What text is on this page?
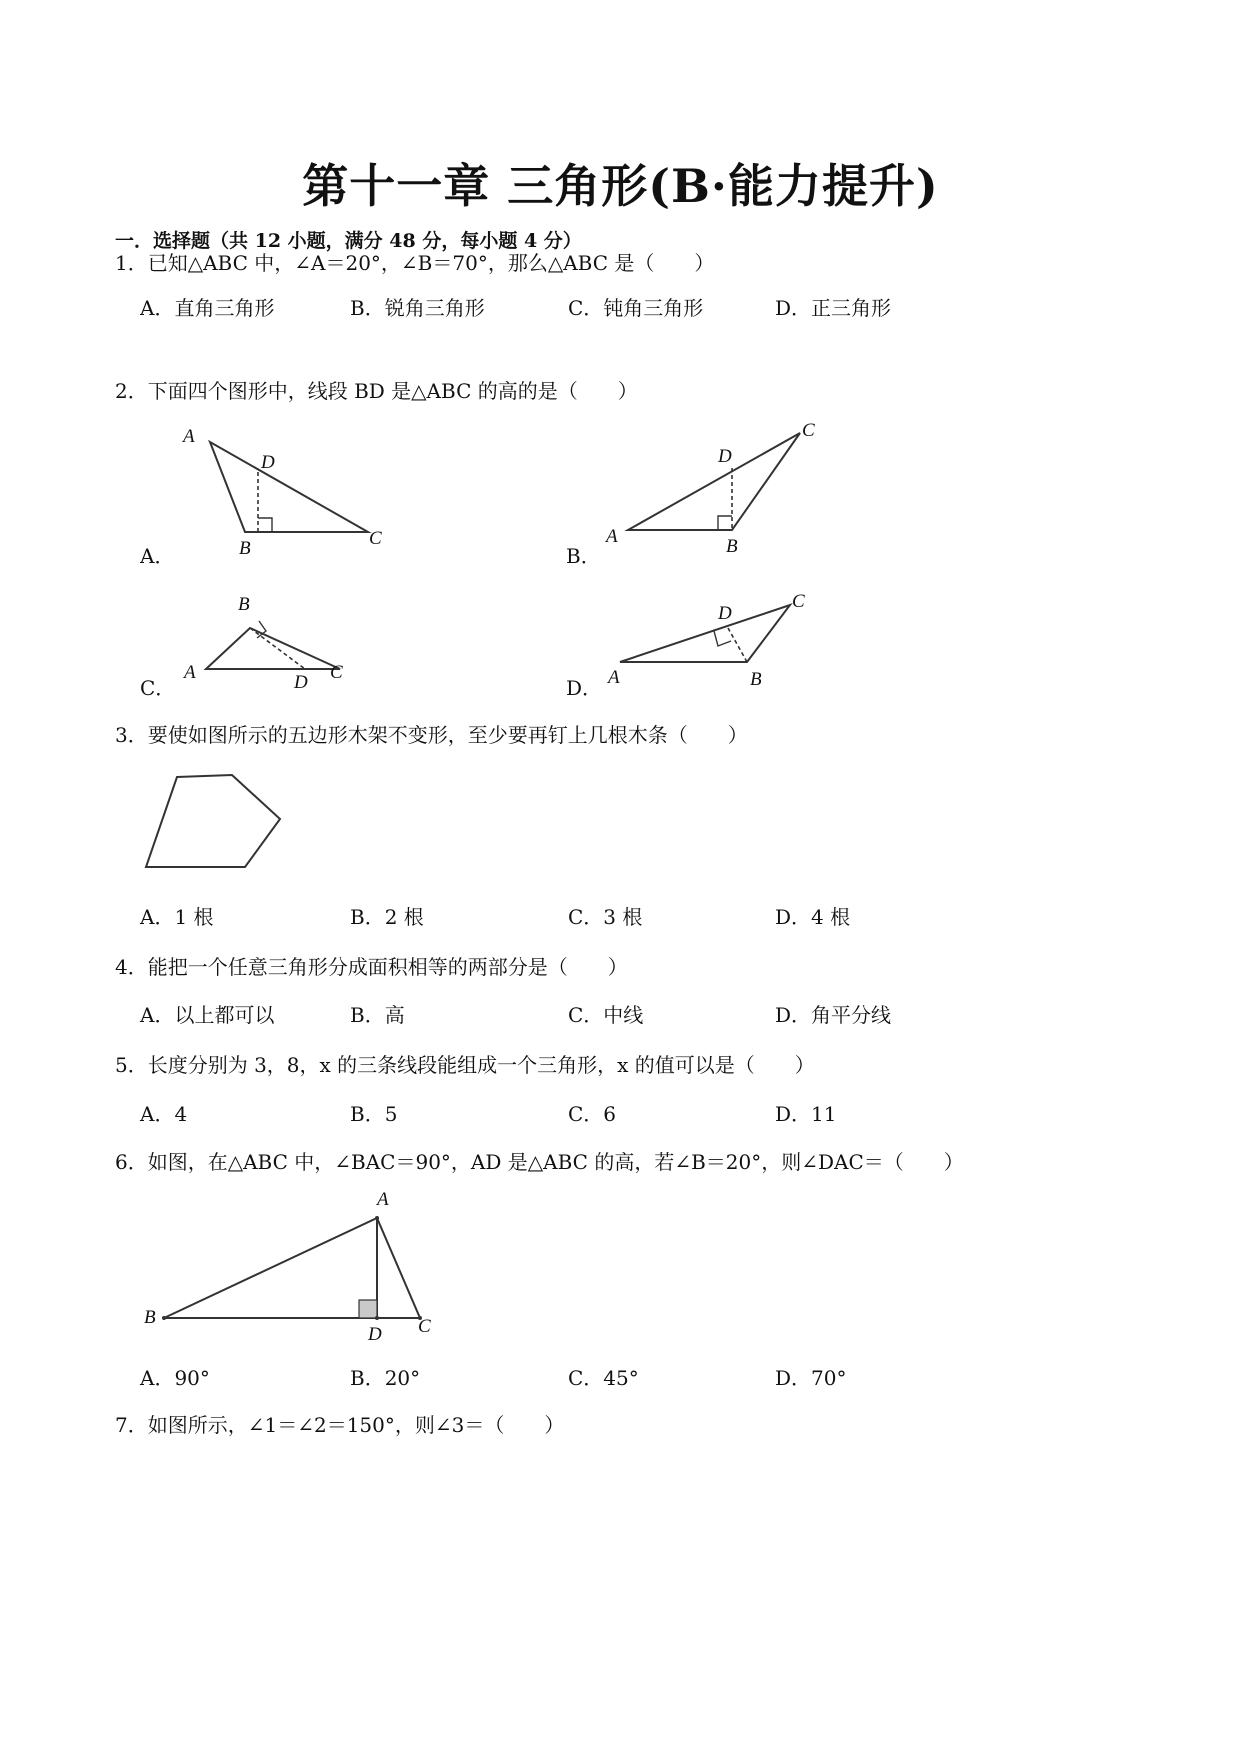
第十一章 三角形(B·能力提升)
一．选择题（共 12 小题，满分 48 分，每小题 4 分）
1．已知△ABC 中，∠A＝20°，∠B＝70°，那么△ABC 是（　　）
A．直角三角形	B．锐角三角形	C．钝角三角形	D．正三角形
2．下面四个图形中，线段 BD 是△ABC 的高的是（　　）
A．
A
D
B	C
B．
C
D
A	B
C．
B
A	D C
D．
D
C
A	B
3．要使如图所示的五边形木架不变形，至少要再钉上几根木条（　　）
A．1 根	B．2 根	C．3 根	D．4 根
4．能把一个任意三角形分成面积相等的两部分是（　　）
A．以上都可以	B．高	C．中线	D．角平分线
5．长度分别为 3，8，x 的三条线段能组成一个三角形，x 的值可以是（　　）
A．4	B．5	C．6	D．11
6．如图，在△ABC 中，∠BAC＝90°，AD 是△ABC 的高，若∠B＝20°，则∠DAC＝（　　）
A
B
D C
A．90°	B．20°	C．45°	D．70°
7．如图所示，∠1＝∠2＝150°，则∠3＝（　　）
